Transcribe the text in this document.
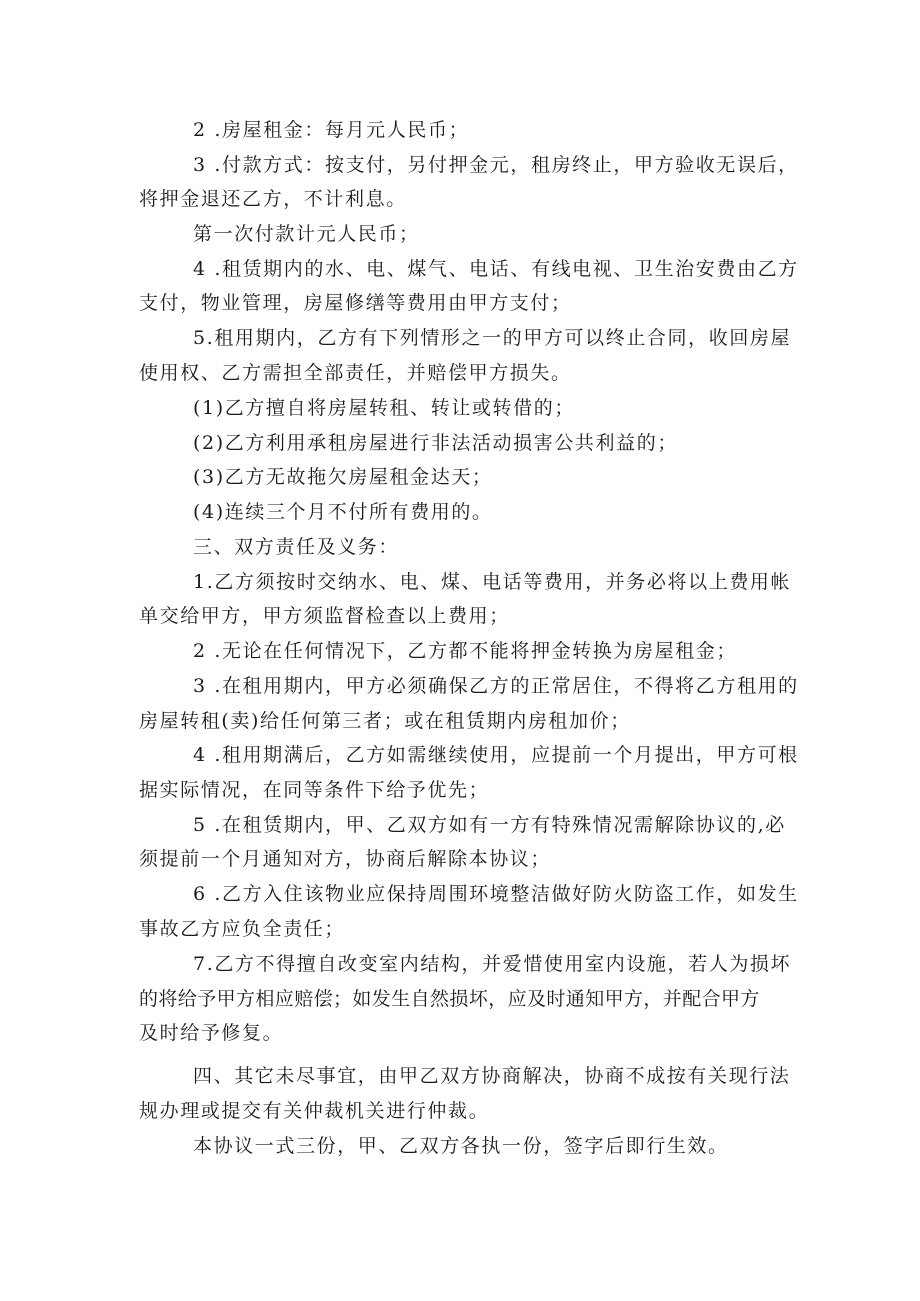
2 .房屋租金：每月元人民币；
3 .付款方式：按支付，另付押金元，租房终止，甲方验收无误后，
将押金退还乙方，不计利息。
第一次付款计元人民币；
4 .租赁期内的水、电、煤气、电话、有线电视、卫生治安费由乙方
支付，物业管理，房屋修缮等费用由甲方支付；
5.租用期内，乙方有下列情形之一的甲方可以终止合同，收回房屋
使用权、乙方需担全部责任，并赔偿甲方损失。
(1)乙方擅自将房屋转租、转让或转借的；
(2)乙方利用承租房屋进行非法活动损害公共利益的；
(3)乙方无故拖欠房屋租金达天；
(4)连续三个月不付所有费用的。
三、双方责任及义务：
1.乙方须按时交纳水、电、煤、电话等费用，并务必将以上费用帐
单交给甲方，甲方须监督检查以上费用；
2 .无论在任何情况下，乙方都不能将押金转换为房屋租金；
3 .在租用期内，甲方必须确保乙方的正常居住，不得将乙方租用的
房屋转租(卖)给任何第三者；或在租赁期内房租加价；
4 .租用期满后，乙方如需继续使用，应提前一个月提出，甲方可根
据实际情况，在同等条件下给予优先；
5 .在租赁期内，甲、乙双方如有一方有特殊情况需解除协议的,必
须提前一个月通知对方，协商后解除本协议；
6 .乙方入住该物业应保持周围环境整洁做好防火防盗工作，如发生
事故乙方应负全责任；
7.乙方不得擅自改变室内结构，并爱惜使用室内设施，若人为损坏
的将给予甲方相应赔偿；如发生自然损坏，应及时通知甲方，并配合甲方
及时给予修复。
四、其它未尽事宜，由甲乙双方协商解决，协商不成按有关现行法
规办理或提交有关仲裁机关进行仲裁。
本协议一式三份，甲、乙双方各执一份，签字后即行生效。
